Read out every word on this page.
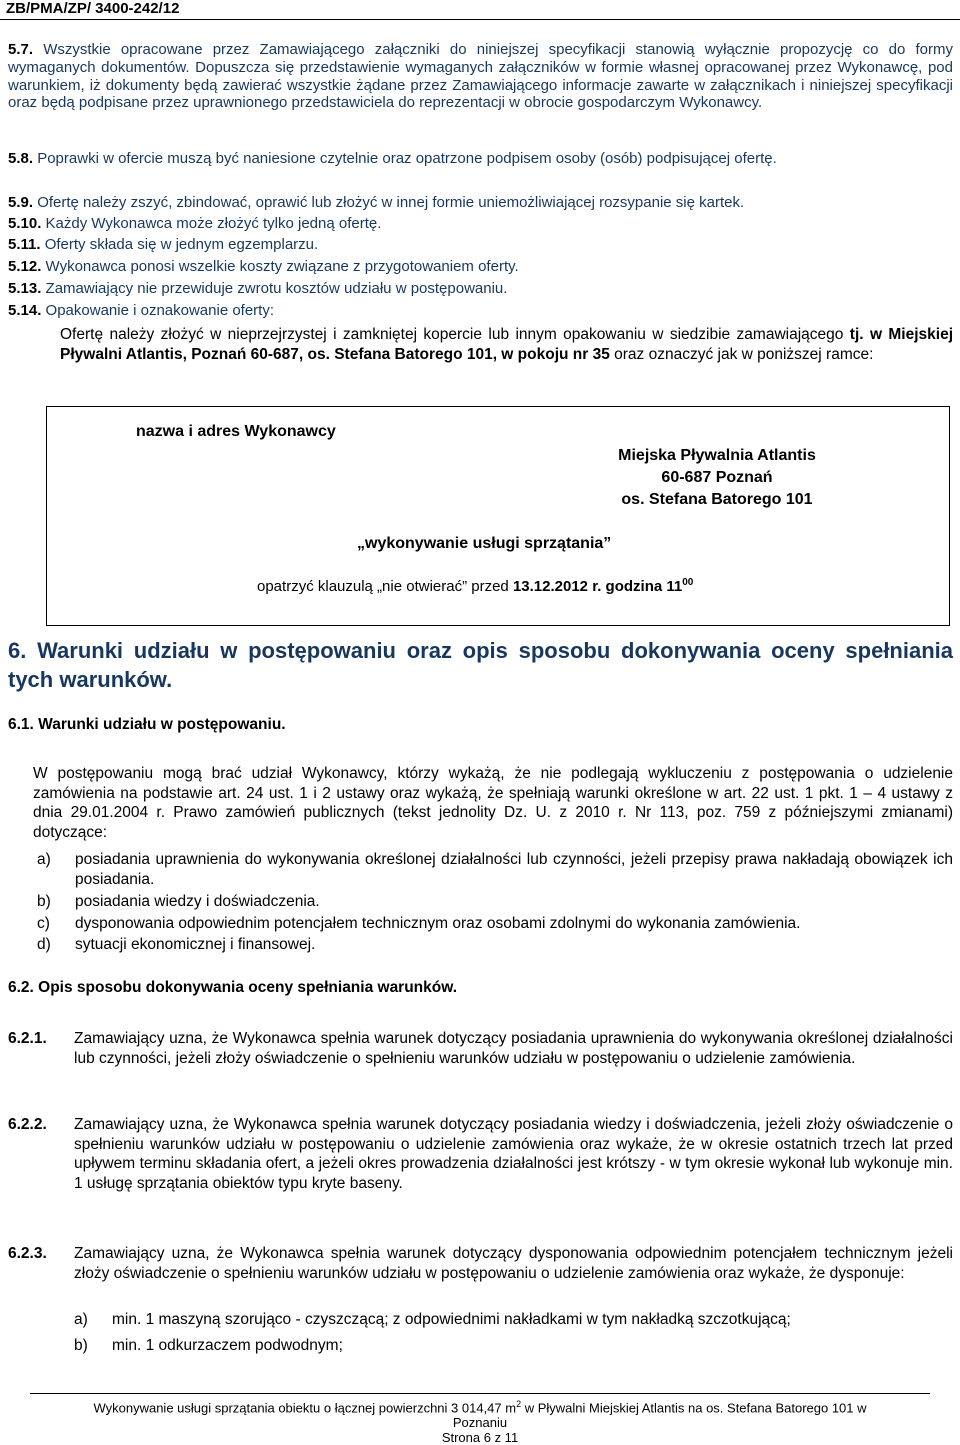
ZB/PMA/ZP/ 3400-242/12
5.7. Wszystkie opracowane przez Zamawiającego załączniki do niniejszej specyfikacji stanowią wyłącznie propozycję co do formy wymaganych dokumentów. Dopuszcza się przedstawienie wymaganych załączników w formie własnej opracowanej przez Wykonawcę, pod warunkiem, iż dokumenty będą zawierać wszystkie żądane przez Zamawiającego informacje zawarte w załącznikach i niniejszej specyfikacji oraz będą podpisane przez uprawnionego przedstawiciela do reprezentacji w obrocie gospodarczym Wykonawcy.
5.8. Poprawki w ofercie muszą być naniesione czytelnie oraz opatrzone podpisem osoby (osób) podpisującej ofertę.
5.9. Ofertę należy zszyć, zbindować, oprawić lub złożyć w innej formie uniemożliwiającej rozsypanie się kartek.
5.10. Każdy Wykonawca może złożyć tylko jedną ofertę.
5.11. Oferty składa się w jednym egzemplarzu.
5.12. Wykonawca ponosi wszelkie koszty związane z przygotowaniem oferty.
5.13. Zamawiający nie przewiduje zwrotu kosztów udziału w postępowaniu.
5.14. Opakowanie i oznakowanie oferty:
Ofertę należy złożyć w nieprzejrzystej i zamkniętej kopercie lub innym opakowaniu w siedzibie zamawiającego tj. w Miejskiej Pływalni Atlantis, Poznań 60-687, os. Stefana Batorego 101, w pokoju nr 35 oraz oznaczyć jak w poniższej ramce:
nazwa i adres Wykonawcy
Miejska Pływalnia Atlantis
60-687 Poznań
os. Stefana Batorego 101
„wykonywanie usługi sprzątania”
opatrzyć klauzulą „nie otwierać” przed 13.12.2012 r. godzina $11^{00}$
6. Warunki udziału w postępowaniu oraz opis sposobu dokonywania oceny spełniania tych warunków.
6.1. Warunki udziału w postępowaniu.
W postępowaniu mogą brać udział Wykonawcy, którzy wykażą, że nie podlegają wykluczeniu z postępowania o udzielenie zamówienia na podstawie art. 24 ust. 1 i 2 ustawy oraz wykażą, że spełniają warunki określone w art. 22 ust. 1 pkt. 1 – 4 ustawy z dnia 29.01.2004 r. Prawo zamówień publicznych (tekst jednolity Dz. U. z 2010 r. Nr 113, poz. 759 z późniejszymi zmianami) dotyczące:
a) posiadania uprawnienia do wykonywania określonej działalności lub czynności, jeżeli przepisy prawa nakładają obowiązek ich posiadania.
b) posiadania wiedzy i doświadczenia.
c) dysponowania odpowiednim potencjałem technicznym oraz osobami zdolnymi do wykonania zamówienia.
d) sytuacji ekonomicznej i finansowej.
6.2. Opis sposobu dokonywania oceny spełniania warunków.
6.2.1. Zamawiający uzna, że Wykonawca spełnia warunek dotyczący posiadania uprawnienia do wykonywania określonej działalności lub czynności, jeżeli złoży oświadczenie o spełnieniu warunków udziału w postępowaniu o udzielenie zamówienia.
6.2.2. Zamawiający uzna, że Wykonawca spełnia warunek dotyczący posiadania wiedzy i doświadczenia, jeżeli złoży oświadczenie o spełnieniu warunków udziału w postępowaniu o udzielenie zamówienia oraz wykaże, że w okresie ostatnich trzech lat przed upływem terminu składania ofert, a jeżeli okres prowadzenia działalności jest krótszy - w tym okresie wykonał lub wykonuje min. 1 usługę sprzątania obiektów typu kryte baseny.
6.2.3. Zamawiający uzna, że Wykonawca spełnia warunek dotyczący dysponowania odpowiednim potencjałem technicznym jeżeli złoży oświadczenie o spełnieniu warunków udziału w postępowaniu o udzielenie zamówienia oraz wykaże, że dysponuje:
a) min. 1 maszyną szorująco - czyszczącą; z odpowiednimi nakładkami w tym nakładką szczotkującą;
b) min. 1 odkurzaczem podwodnym;
Wykonywanie usługi sprzątania obiektu o łącznej powierzchni 3 014,47 $m^2$ w Pływalni Miejskiej Atlantis na os. Stefana Batorego 101 w
Poznaniu
Strona 6 z 11
